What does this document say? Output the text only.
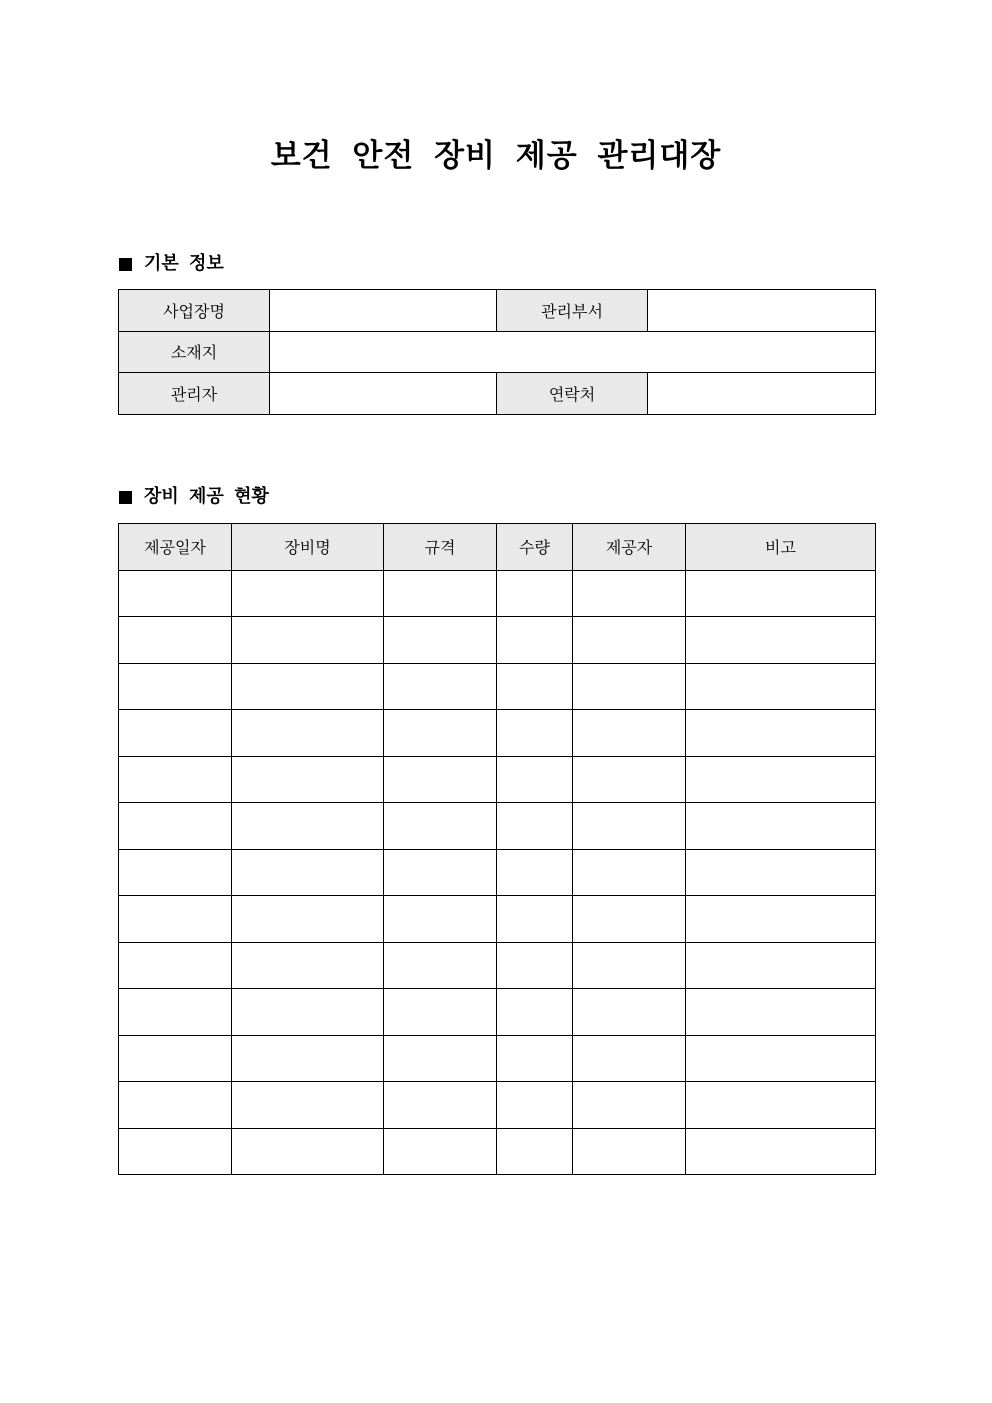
보건 안전 장비 제공 관리대장
기본 정보
사업장명		관리부서	
소재지			
관리자		연락처	
장비 제공 현황
제공일자	장비명	규격	수량	제공자	비고
